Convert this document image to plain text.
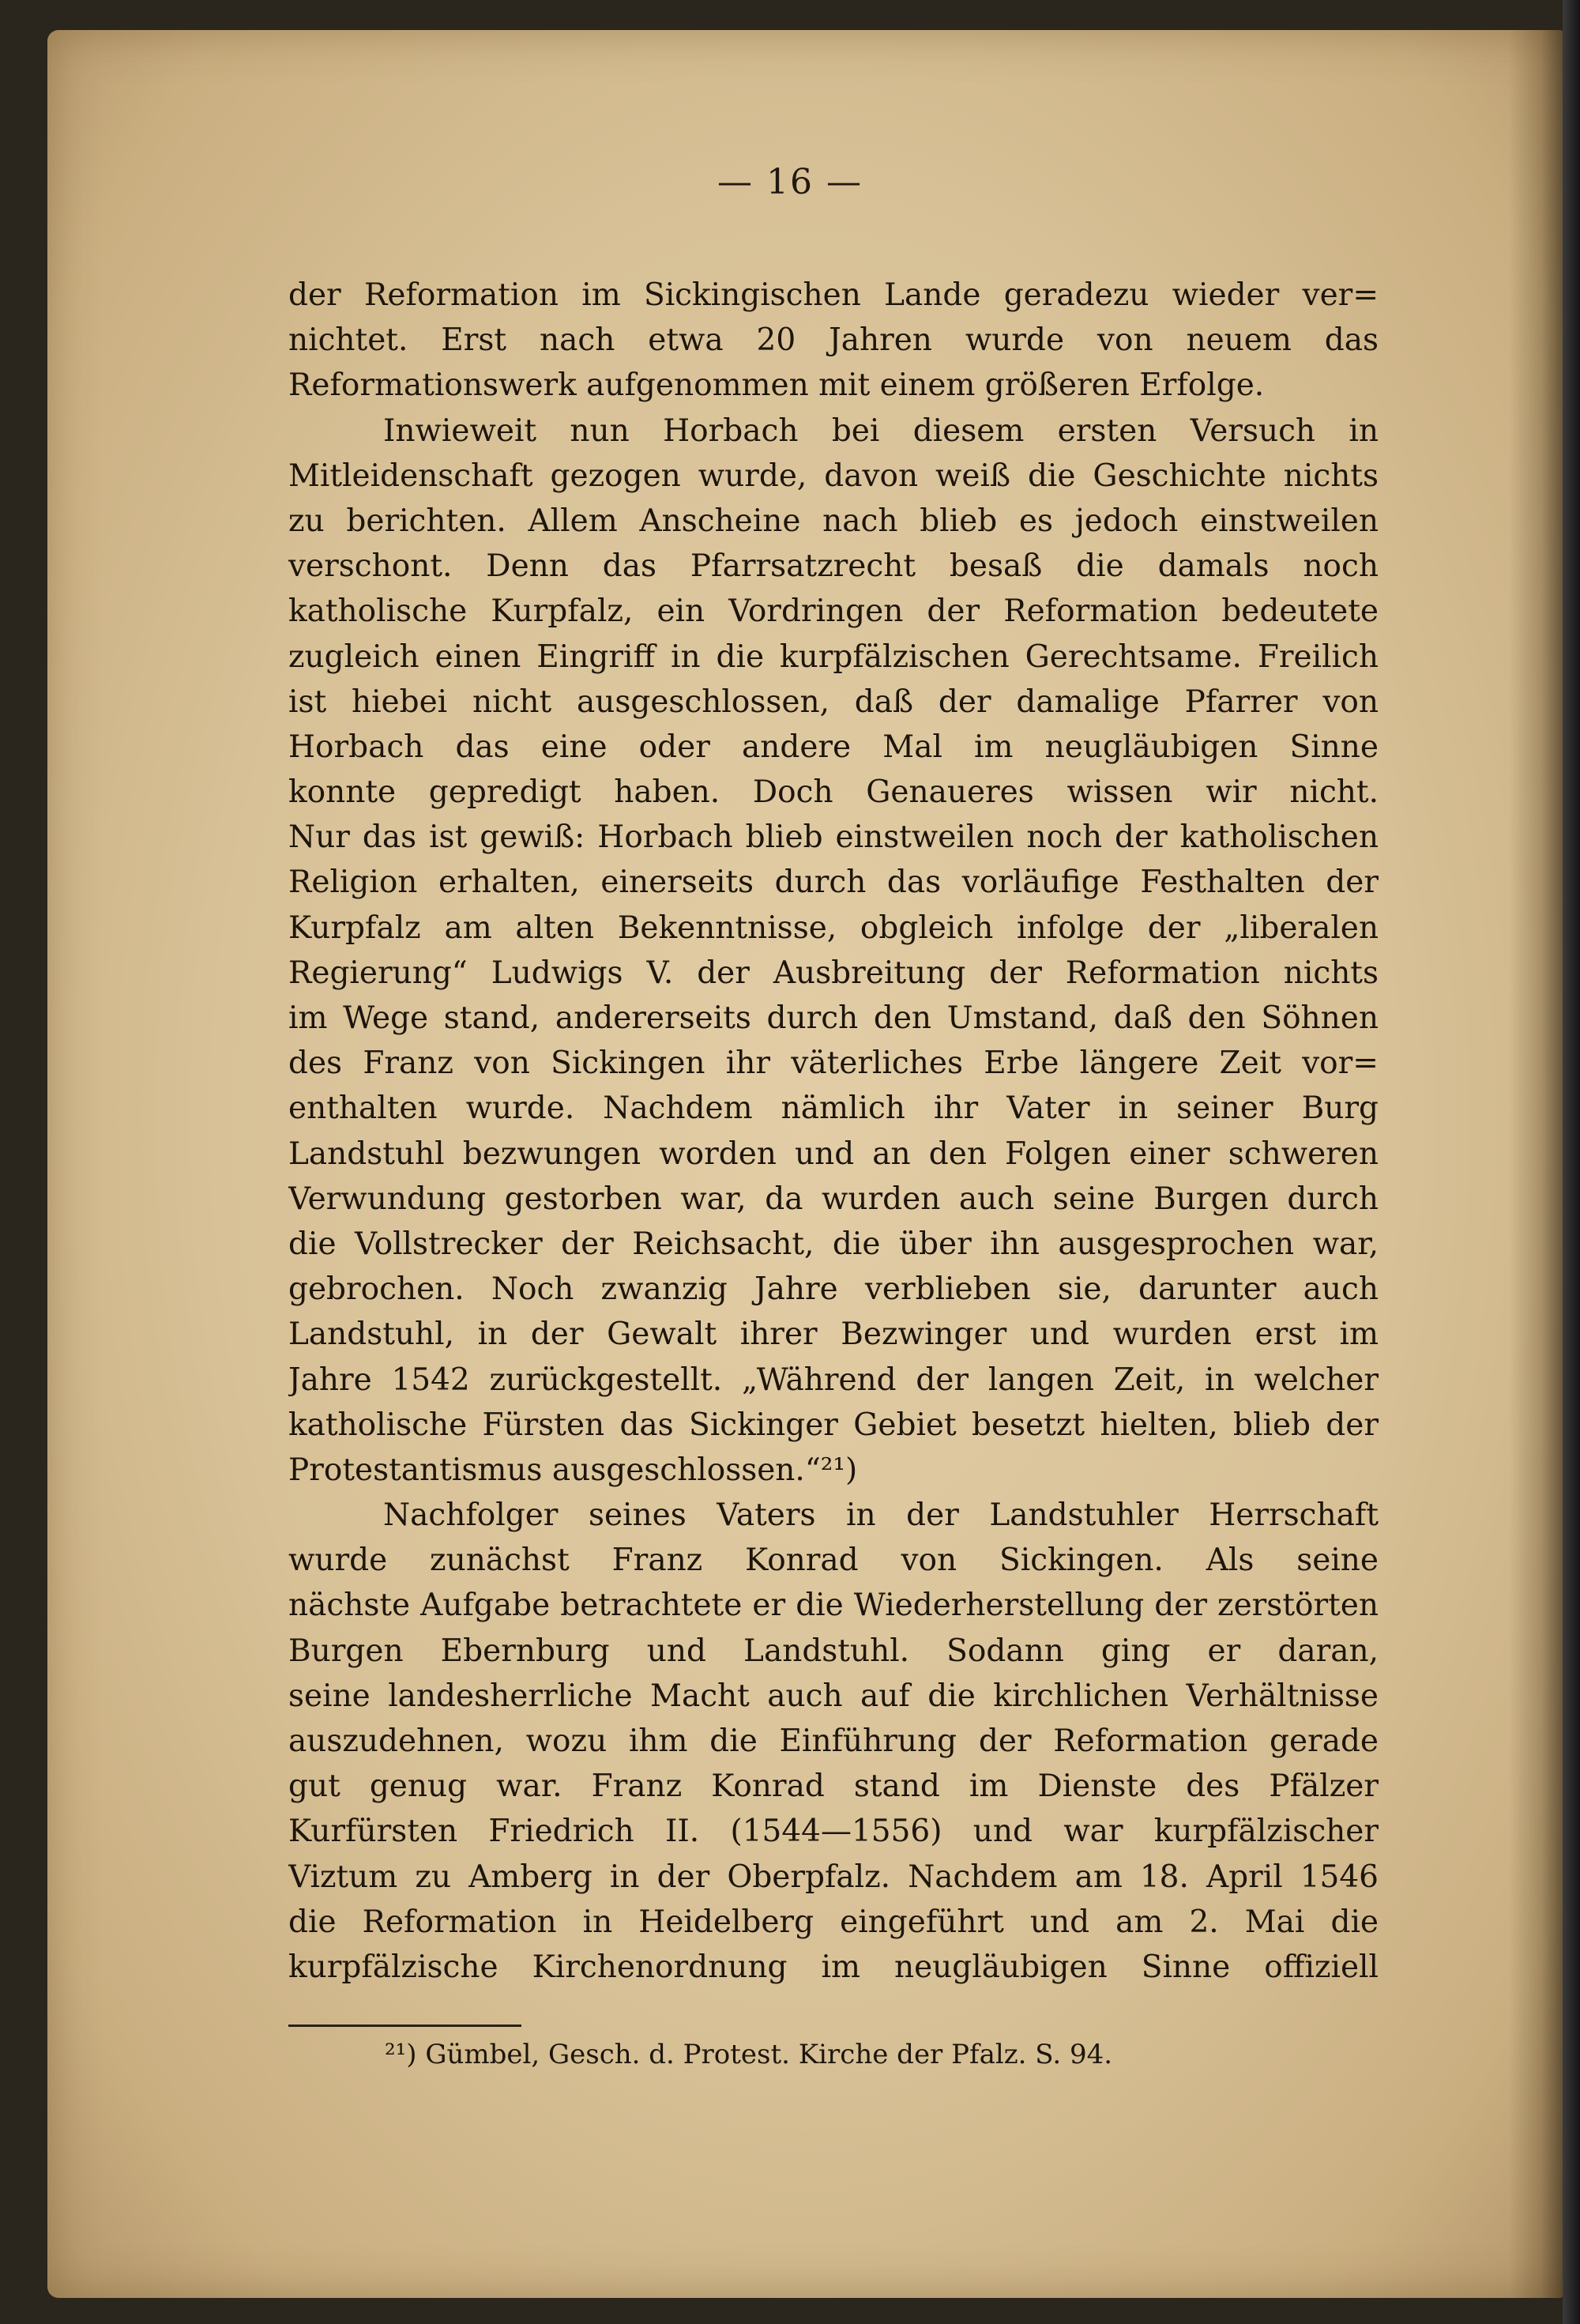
— 16 —
der Reformation im Sickingischen Lande geradezu wieder ver=
nichtet. Erst nach etwa 20 Jahren wurde von neuem das
Reformationswerk aufgenommen mit einem größeren Erfolge.
Inwieweit nun Horbach bei diesem ersten Versuch in
Mitleidenschaft gezogen wurde, davon weiß die Geschichte nichts
zu berichten. Allem Anscheine nach blieb es jedoch einstweilen
verschont. Denn das Pfarrsatzrecht besaß die damals noch
katholische Kurpfalz, ein Vordringen der Reformation bedeutete
zugleich einen Eingriff in die kurpfälzischen Gerechtsame. Freilich
ist hiebei nicht ausgeschlossen, daß der damalige Pfarrer von
Horbach das eine oder andere Mal im neugläubigen Sinne
konnte gepredigt haben. Doch Genaueres wissen wir nicht.
Nur das ist gewiß: Horbach blieb einstweilen noch der katholischen
Religion erhalten, einerseits durch das vorläufige Festhalten der
Kurpfalz am alten Bekenntnisse, obgleich infolge der „liberalen
Regierung“ Ludwigs V. der Ausbreitung der Reformation nichts
im Wege stand, andererseits durch den Umstand, daß den Söhnen
des Franz von Sickingen ihr väterliches Erbe längere Zeit vor=
enthalten wurde. Nachdem nämlich ihr Vater in seiner Burg
Landstuhl bezwungen worden und an den Folgen einer schweren
Verwundung gestorben war, da wurden auch seine Burgen durch
die Vollstrecker der Reichsacht, die über ihn ausgesprochen war,
gebrochen. Noch zwanzig Jahre verblieben sie, darunter auch
Landstuhl, in der Gewalt ihrer Bezwinger und wurden erst im
Jahre 1542 zurückgestellt. „Während der langen Zeit, in welcher
katholische Fürsten das Sickinger Gebiet besetzt hielten, blieb der
Protestantismus ausgeschlossen.“²¹)
Nachfolger seines Vaters in der Landstuhler Herrschaft
wurde zunächst Franz Konrad von Sickingen. Als seine
nächste Aufgabe betrachtete er die Wiederherstellung der zerstörten
Burgen Ebernburg und Landstuhl. Sodann ging er daran,
seine landesherrliche Macht auch auf die kirchlichen Verhältnisse
auszudehnen, wozu ihm die Einführung der Reformation gerade
gut genug war. Franz Konrad stand im Dienste des Pfälzer
Kurfürsten Friedrich II. (1544—1556) und war kurpfälzischer
Viztum zu Amberg in der Oberpfalz. Nachdem am 18. April 1546
die Reformation in Heidelberg eingeführt und am 2. Mai die
kurpfälzische Kirchenordnung im neugläubigen Sinne offiziell
²¹) Gümbel, Gesch. d. Protest. Kirche der Pfalz. S. 94.
